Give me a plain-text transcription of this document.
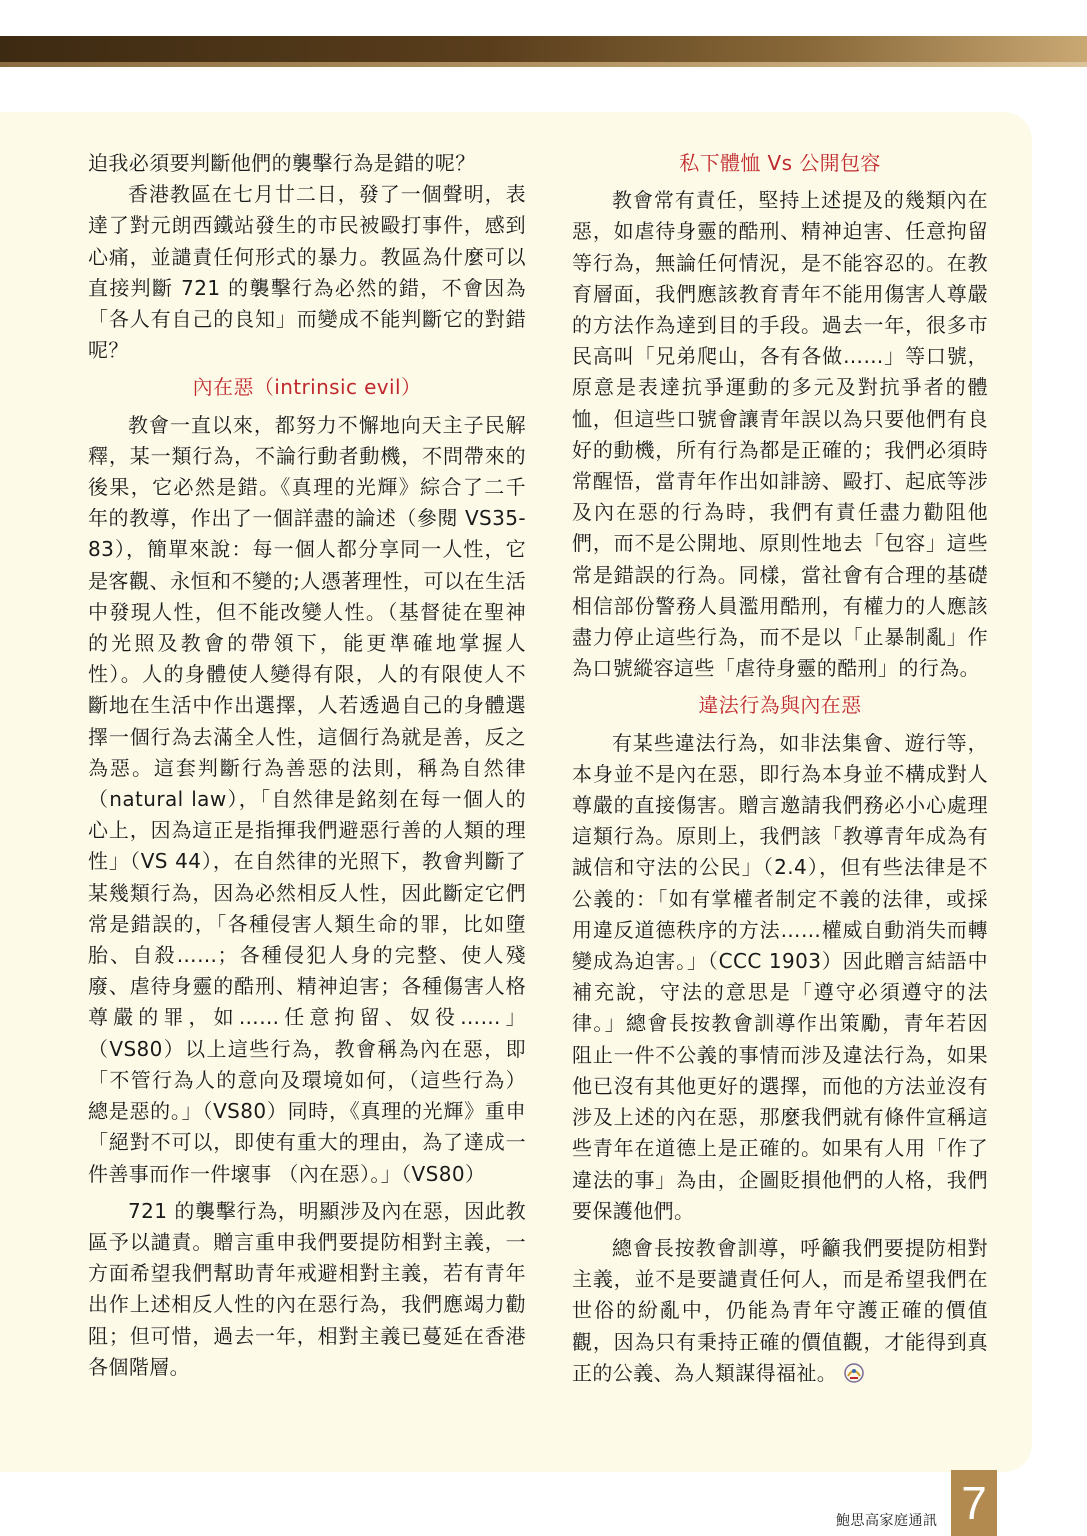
迫我必須要判斷他們的襲擊行為是錯的呢？

香港教區在七月廿二日，發了一個聲明，表達了對元朗西鐵站發生的市民被毆打事件，感到心痛，並譴責任何形式的暴力。教區為什麼可以直接判斷 721 的襲擊行為必然的錯，不會因為「各人有自己的良知」而變成不能判斷它的對錯呢？

內在惡（intrinsic evil）

教會一直以來，都努力不懈地向天主子民解釋，某一類行為，不論行動者動機，不問帶來的後果，它必然是錯。《真理的光輝》綜合了二千年的教導，作出了一個詳盡的論述（參閱 VS35-83），簡單來說：每一個人都分享同一人性，它是客觀、永恒和不變的;人憑著理性，可以在生活中發現人性，但不能改變人性。（基督徒在聖神的光照及教會的帶領下，能更準確地掌握人性）。人的身體使人變得有限，人的有限使人不斷地在生活中作出選擇，人若透過自己的身體選擇一個行為去滿全人性，這個行為就是善，反之為惡。這套判斷行為善惡的法則，稱為自然律（natural law），「自然律是銘刻在每一個人的心上，因為這正是指揮我們避惡行善的人類的理性」（VS 44），在自然律的光照下，教會判斷了某幾類行為，因為必然相反人性，因此斷定它們常是錯誤的，「各種侵害人類生命的罪，比如墮胎、自殺……；各種侵犯人身的完整、使人殘廢、虐待身靈的酷刑、精神迫害；各種傷害人格尊嚴的罪，如……任意拘留、奴役……」（VS80）以上這些行為，教會稱為內在惡，即「不管行為人的意向及環境如何，（這些行為）總是惡的。」（VS80）同時，《真理的光輝》重申「絕對不可以，即使有重大的理由，為了達成一件善事而作一件壞事 （內在惡）。」（VS80）

721 的襲擊行為，明顯涉及內在惡，因此教區予以譴責。贈言重申我們要提防相對主義，一方面希望我們幫助青年戒避相對主義，若有青年出作上述相反人性的內在惡行為，我們應竭力勸阻；但可惜，過去一年，相對主義已蔓延在香港各個階層。

私下體恤 Vs 公開包容

教會常有責任，堅持上述提及的幾類內在惡，如虐待身靈的酷刑、精神迫害、任意拘留等行為，無論任何情況，是不能容忍的。在教育層面，我們應該教育青年不能用傷害人尊嚴的方法作為達到目的手段。過去一年，很多市民高叫「兄弟爬山，各有各做……」等口號，原意是表達抗爭運動的多元及對抗爭者的體恤，但這些口號會讓青年誤以為只要他們有良好的動機，所有行為都是正確的；我們必須時常醒悟，當青年作出如誹謗、毆打、起底等涉及內在惡的行為時，我們有責任盡力勸阻他們，而不是公開地、原則性地去「包容」這些常是錯誤的行為。同樣，當社會有合理的基礎相信部份警務人員濫用酷刑，有權力的人應該盡力停止這些行為，而不是以「止暴制亂」作為口號縱容這些「虐待身靈的酷刑」的行為。

違法行為與內在惡

有某些違法行為，如非法集會、遊行等，本身並不是內在惡，即行為本身並不構成對人尊嚴的直接傷害。贈言邀請我們務必小心處理這類行為。原則上，我們該「教導青年成為有誠信和守法的公民」（2.4），但有些法律是不公義的：「如有掌權者制定不義的法律，或採用違反道德秩序的方法……權威自動消失而轉變成為迫害。」（CCC 1903）因此贈言結語中補充說，守法的意思是「遵守必須遵守的法律。」總會長按教會訓導作出策勵，青年若因阻止一件不公義的事情而涉及違法行為，如果他已沒有其他更好的選擇，而他的方法並沒有涉及上述的內在惡，那麼我們就有條件宣稱這些青年在道德上是正確的。如果有人用「作了違法的事」為由，企圖貶損他們的人格，我們要保護他們。

總會長按教會訓導，呼籲我們要提防相對主義，並不是要譴責任何人，而是希望我們在世俗的紛亂中，仍能為青年守護正確的價值觀，因為只有秉持正確的價值觀，才能得到真正的公義、為人類謀得福祉。

鮑思高家庭通訊 7
